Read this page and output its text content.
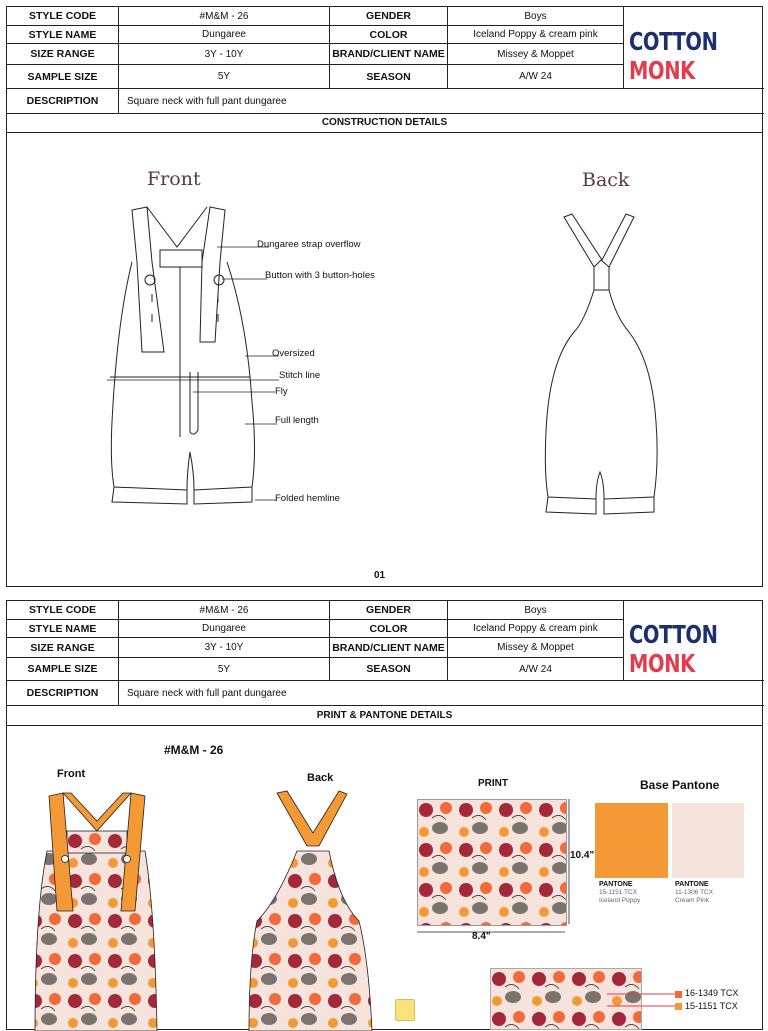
STYLE CODE	#M&M - 26	GENDER	Boys
STYLE NAME	Dungaree	COLOR	Iceland Poppy & cream pink
SIZE RANGE	3Y - 10Y	BRAND/CLIENT NAME	Missey & Moppet
SAMPLE SIZE	5Y	SEASON	A/W 24
COTTON MONK
DESCRIPTION	Square neck with full pant dungaree
CONSTRUCTION DETAILS
Front	Back
Dungaree strap overflow
Button with 3 button-holes
Oversized
Stitch line
Fly
Full length
Folded hemline
01
STYLE CODE	#M&M - 26	GENDER	Boys
STYLE NAME	Dungaree	COLOR	Iceland Poppy & cream pink
SIZE RANGE	3Y - 10Y	BRAND/CLIENT NAME	Missey & Moppet
SAMPLE SIZE	5Y	SEASON	A/W 24
COTTON MONK
DESCRIPTION	Square neck with full pant dungaree
PRINT & PANTONE DETAILS
#M&M - 26
Front	Back	PRINT	Base Pantone
10.4"
8.4"
PANTONE
15-1151 TCX
Iceland Poppy
PANTONE
11-1306 TCX
Cream Pink
16-1349 TCX
15-1151 TCX
